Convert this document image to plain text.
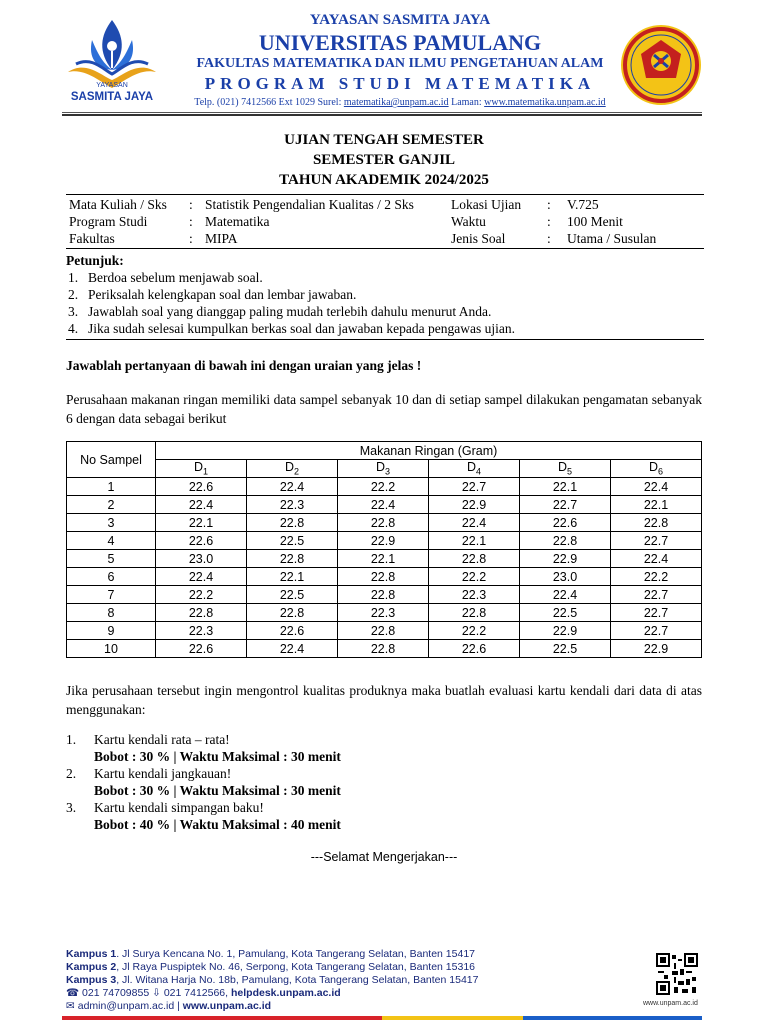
YAYASAN
SASMITA JAYA
YAYASAN SASMITA JAYA
UNIVERSITAS PAMULANG
FAKULTAS MATEMATIKA DAN ILMU PENGETAHUAN ALAM
PROGRAM STUDI MATEMATIKA
Telp. (021) 7412566 Ext 1029 Surel: matematika@unpam.ac.id Laman: www.matematika.unpam.ac.id
UJIAN TENGAH SEMESTER
SEMESTER GANJIL
TAHUN AKADEMIK 2024/2025
Mata Kuliah / Sks	: Statistik Pengendalian Kualitas / 2 Sks	Lokasi Ujian	:	V.725
Program Studi	: Matematika	Waktu	:	100 Menit
Fakultas	: MIPA	Jenis Soal	:	Utama / Susulan
Petunjuk:
1. Berdoa sebelum menjawab soal.
2. Periksalah kelengkapan soal dan lembar jawaban.
3. Jawablah soal yang dianggap paling mudah terlebih dahulu menurut Anda.
4. Jika sudah selesai kumpulkan berkas soal dan jawaban kepada pengawas ujian.
Jawablah pertanyaan di bawah ini dengan uraian yang jelas !
Perusahaan makanan ringan memiliki data sampel sebanyak 10 dan di setiap sampel dilakukan pengamatan sebanyak 6 dengan data sebagai berikut
No Sampel	Makanan Ringan (Gram)					
	$D_1$	$D_2$	$D_3$	$D_4$	$D_5$	$D_6$
1	22.6	22.4	22.2	22.7	22.1	22.4
2	22.4	22.3	22.4	22.9	22.7	22.1
3	22.1	22.8	22.8	22.4	22.6	22.8
4	22.6	22.5	22.9	22.1	22.8	22.7
5	23.0	22.8	22.1	22.8	22.9	22.4
6	22.4	22.1	22.8	22.2	23.0	22.2
7	22.2	22.5	22.8	22.3	22.4	22.7
8	22.8	22.8	22.3	22.8	22.5	22.7
9	22.3	22.6	22.8	22.2	22.9	22.7
10	22.6	22.4	22.8	22.6	22.5	22.9
Jika perusahaan tersebut ingin mengontrol kualitas produknya maka buatlah evaluasi kartu kendali dari data di atas menggunakan:
1.	Kartu kendali rata – rata!
Bobot : 30 % | Waktu Maksimal : 30 menit
2.	Kartu kendali jangkauan!
Bobot : 30 % | Waktu Maksimal : 30 menit
3.	Kartu kendali simpangan baku!
Bobot : 40 % | Waktu Maksimal : 40 menit
---Selamat Mengerjakan---
Kampus 1. Jl Surya Kencana No. 1, Pamulang, Kota Tangerang Selatan, Banten 15417
Kampus 2, Jl Raya Puspiptek No. 46, Serpong, Kota Tangerang Selatan, Banten 15316
Kampus 3, Jl. Witana Harja No. 18b, Pamulang, Kota Tangerang Selatan, Banten 15417
☎ 021 74709855 ⇩ 021 7412566, helpdesk.unpam.ac.id
✉ admin@unpam.ac.id | www.unpam.ac.id	www.unpam.ac.id
